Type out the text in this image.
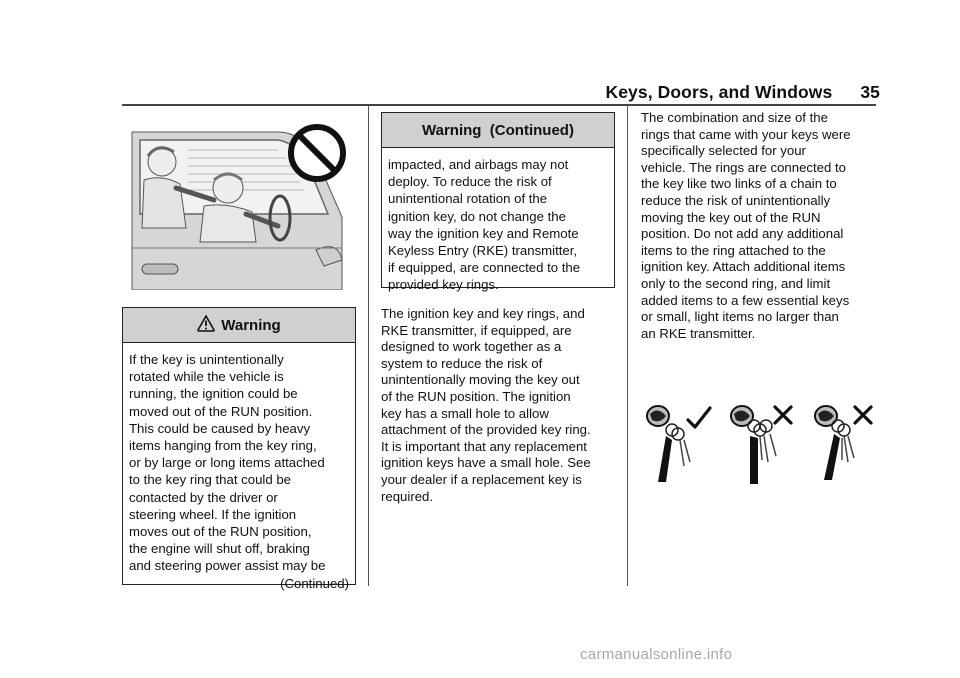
Keys, Doors, and Windows 35
Warning
If the key is unintentionally
rotated while the vehicle is
running, the ignition could be
moved out of the RUN position.
This could be caused by heavy
items hanging from the key ring,
or by large or long items attached
to the key ring that could be
contacted by the driver or
steering wheel. If the ignition
moves out of the RUN position,
the engine will shut off, braking
and steering power assist may be
(Continued)
Warning  (Continued)
impacted, and airbags may not
deploy. To reduce the risk of
unintentional rotation of the
ignition key, do not change the
way the ignition key and Remote
Keyless Entry (RKE) transmitter,
if equipped, are connected to the
provided key rings.
The ignition key and key rings, and
RKE transmitter, if equipped, are
designed to work together as a
system to reduce the risk of
unintentionally moving the key out
of the RUN position. The ignition
key has a small hole to allow
attachment of the provided key ring.
It is important that any replacement
ignition keys have a small hole. See
your dealer if a replacement key is
required.
The combination and size of the
rings that came with your keys were
specifically selected for your
vehicle. The rings are connected to
the key like two links of a chain to
reduce the risk of unintentionally
moving the key out of the RUN
position. Do not add any additional
items to the ring attached to the
ignition key. Attach additional items
only to the second ring, and limit
added items to a few essential keys
or small, light items no larger than
an RKE transmitter.
carmanualsonline.info
